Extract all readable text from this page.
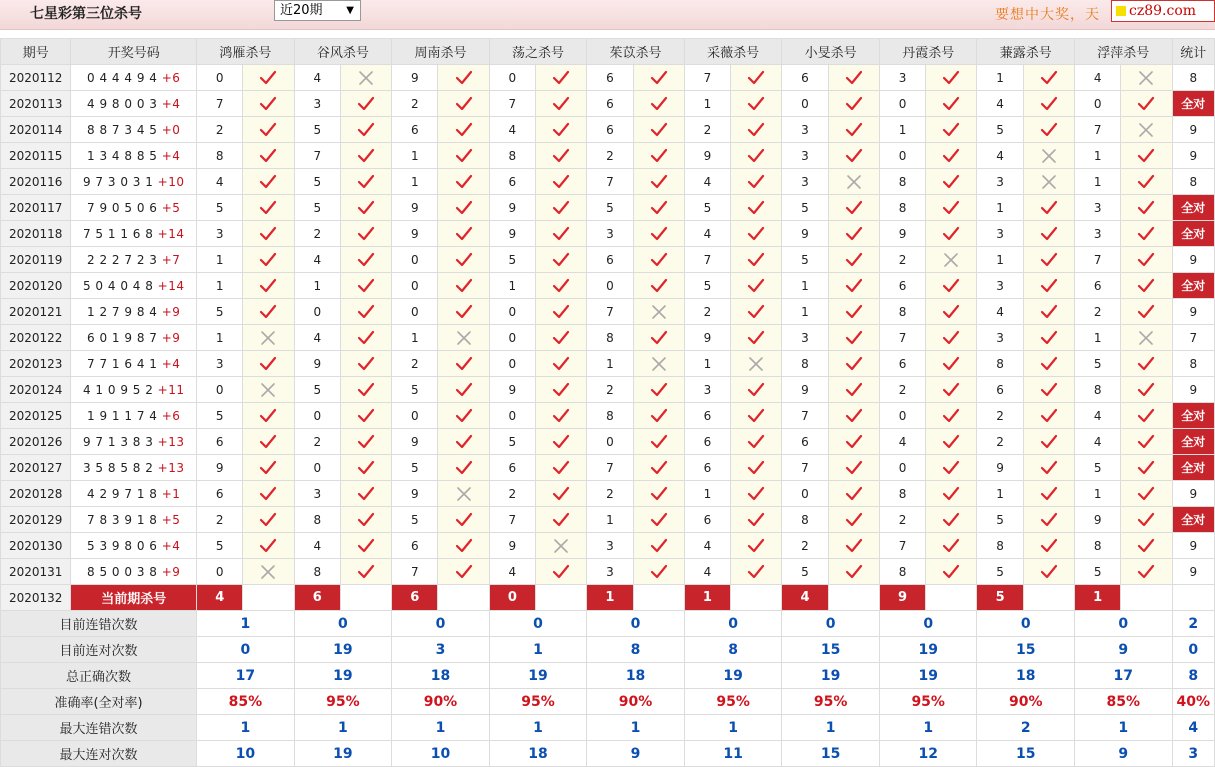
七星彩第三位杀号	近20期 ▼	要想中大奖，天	cz89.com
期号	开奖号码	鸿雁杀号		谷风杀号		周南杀号		荡之杀号		茱苡杀号		采薇杀号		小旻杀号		丹霞杀号		蒹露杀号		浮萍杀号		统计
2020112	0 4 4 4 9 4 +6	0		4		9		0		6		7		6		3		1		4		8
2020113	4 9 8 0 0 3 +4	7		3		2		7		6		1		0		0		4		0		全对
2020114	8 8 7 3 4 5 +0	2		5		6		4		6		2		3		1		5		7		9
2020115	1 3 4 8 8 5 +4	8		7		1		8		2		9		3		0		4		1		9
2020116	9 7 3 0 3 1 +10	4		5		1		6		7		4		3		8		3		1		8
2020117	7 9 0 5 0 6 +5	5		5		9		9		5		5		5		8		1		3		全对
2020118	7 5 1 1 6 8 +14	3		2		9		9		3		4		9		9		3		3		全对
2020119	2 2 2 7 2 3 +7	1		4		0		5		6		7		5		2		1		7		9
2020120	5 0 4 0 4 8 +14	1		1		0		1		0		5		1		6		3		6		全对
2020121	1 2 7 9 8 4 +9	5		0		0		0		7		2		1		8		4		2		9
2020122	6 0 1 9 8 7 +9	1		4		1		0		8		9		3		7		3		1		7
2020123	7 7 1 6 4 1 +4	3		9		2		0		1		1		8		6		8		5		8
2020124	4 1 0 9 5 2 +11	0		5		5		9		2		3		9		2		6		8		9
2020125	1 9 1 1 7 4 +6	5		0		0		0		8		6		7		0		2		4		全对
2020126	9 7 1 3 8 3 +13	6		2		9		5		0		6		6		4		2		4		全对
2020127	3 5 8 5 8 2 +13	9		0		5		6		7		6		7		0		9		5		全对
2020128	4 2 9 7 1 8 +1	6		3		9		2		2		1		0		8		1		1		9
2020129	7 8 3 9 1 8 +5	2		8		5		7		1		6		8		2		5		9		全对
2020130	5 3 9 8 0 6 +4	5		4		6		9		3		4		2		7		8		8		9
2020131	8 5 0 0 3 8 +9	0		8		7		4		3		4		5		8		5		5		9
2020132	当前期杀号	4		6		6		0		1		1		4		9		5		1		
目前连错次数		1		0		0		0		0		0		0		0		0		0		2
目前连对次数		0		19		3		1		8		8		15		19		15		9		0
总正确次数		17		19		18		19		18		19		19		19		18		17		8
准确率(全对率)		85%		95%		90%		95%		90%		95%		95%		95%		90%		85%		40%
最大连错次数		1		1		1		1		1		1		1		1		2		1		4
最大连对次数		10		19		10		18		9		11		15		12		15		9		3
